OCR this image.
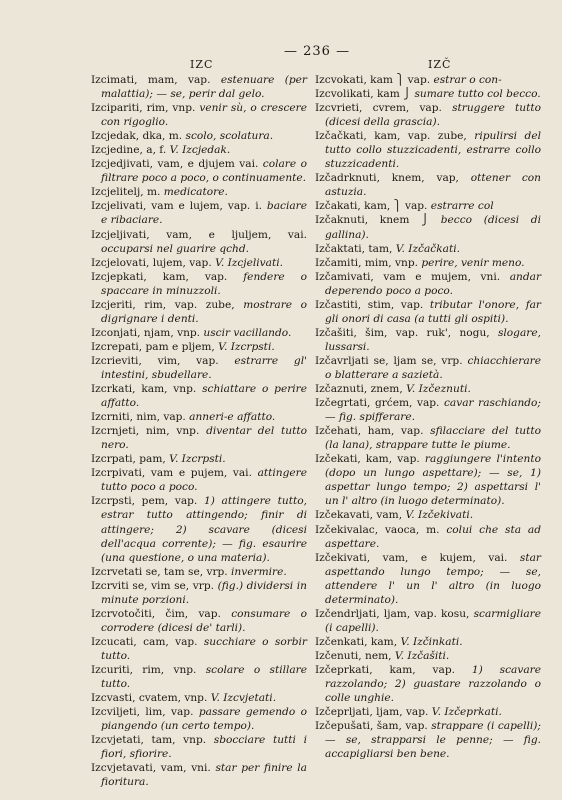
IZC
— 236 —
IZČ

Izcimati, mam, vap. estenuare (per malattia); — se, perir dal gelo.

Izcipariti, rim, vnp. venir sù, o crescere con rigoglio.

Izcjedak, dka, m. scolo, scolatura.

Izcjedine, a, f. V. Izcjedak.

Izcjedjivati, vam, e djujem vai. colare o filtrare poco a poco, o continuamente.

Izcjelitelj, m. medicatore.

Izcjelivati, vam e lujem, vap. i. baciare e ribaciare.

Izcjeljivati, vam, e ljuljem, vai. occuparsi nel guarire qchd.

Izcjelovati, lujem, vap. V. Izcjelivati.

Izcjepkati, kam, vap. fendere o spaccare in minuzzoli.

Izcjeriti, rim, vap. zube, mostrare o digrignare i denti.

Izconjati, njam, vnp. uscir vacillando.

Izcrepati, pam e pljem, V. Izcrpsti.

Izcrieviti, vim, vap. estrarre gl' intestini, sbudellare.

Izcrkati, kam, vnp. schiattare o perire affatto.

Izcrniti, nim, vap. anneri-e affatto.

Izcrnjeti, nim, vnp. diventar del tutto nero.

Izcrpati, pam, V. Izcrpsti.

Izcrpivati, vam e pujem, vai. attingere tutto poco a poco.

Izcrpsti, pem, vap. 1) attingere tutto, estrar tutto attingendo; finir di attingere; 2) scavare (dicesi dell'acqua corrente); — fig. esaurire (una questione, o una materia).

Izcrvetati se, tam se, vrp. invermire.

Izcrviti se, vim se, vrp. (fig.) dividersi in minute porzioni.

Izcrvotočiti, čim, vap. consumare o corrodere (dicesi de' tarli).

Izcucati, cam, vap. succhiare o sorbir tutto.

Izcuriti, rim, vnp. scolare o stillare tutto.

Izcvasti, cvatem, vnp. V. Izcvjetati.

Izcviljeti, lim, vap. passare gemendo o piangendo (un certo tempo).

Izcvjetati, tam, vnp. sbocciare tutti i fiori, sfiorire.

Izcvjetavati, vam, vni. star per finire la fioritura.

Izcvokati, kam ⎫ vap. estrar o con-

Izcvolikati, kam ⎭ sumare tutto col becco.

Izcvrieti, cvrem, vap. struggere tutto (dicesi della grascia).

Izčačkati, kam, vap. zube, ripulirsi del tutto collo stuzzicadenti, estrarre collo stuzzicadenti.

Izčadrknuti, knem, vap, ottener con astuzia.

Izčakati, kam, ⎫ vap. estrarre col

Izčaknuti, knem ⎭ becco (dicesi di gallina).

Izčaktati, tam, V. Izčačkati.

Izčamiti, mim, vnp. perire, venir meno.

Izčamivati, vam e mujem, vni. andar deperendo poco a poco.

Izčastiti, stim, vap. tributar l'onore, far gli onori di casa (a tutti gli ospiti).

Izčašiti, šim, vap. ruk', nogu, slogare, lussarsi.

Izčavrljati se, ljam se, vrp. chiacchierare o blatterare a sazietà.

Izčaznuti, znem, V. Izčeznuti.

Izčegrtati, grćem, vap. cavar raschiando; — fig. spifferare.

Izčehati, ham, vap. sfilacciare del tutto (la lana), strappare tutte le piume.

Izčekati, kam, vap. raggiungere l'intento (dopo un lungo aspettare); — se, 1) aspettar lungo tempo; 2) aspettarsi l' un l' altro (in luogo determinato).

Izčekavati, vam, V. Izčekivati.

Izčekivalac, vaoca, m. colui che sta ad aspettare.

Izčekivati, vam, e kujem, vai. star aspettando lungo tempo; — se, attendere l' un l' altro (in luogo determinato).

Izčendrljati, ljam, vap. kosu, scarmigliare (i capelli).

Izčenkati, kam, V. Izčinkati.

Izčenuti, nem, V. Izčašiti.

Izčeprkati, kam, vap. 1) scavare razzolando; 2) guastare razzolando o colle unghie.

Izčeprljati, ljam, vap. V. Izčeprkati.

Izčepušati, šam, vap. strappare (i capelli); — se, strapparsi le penne; — fig. accapigliarsi ben bene.
